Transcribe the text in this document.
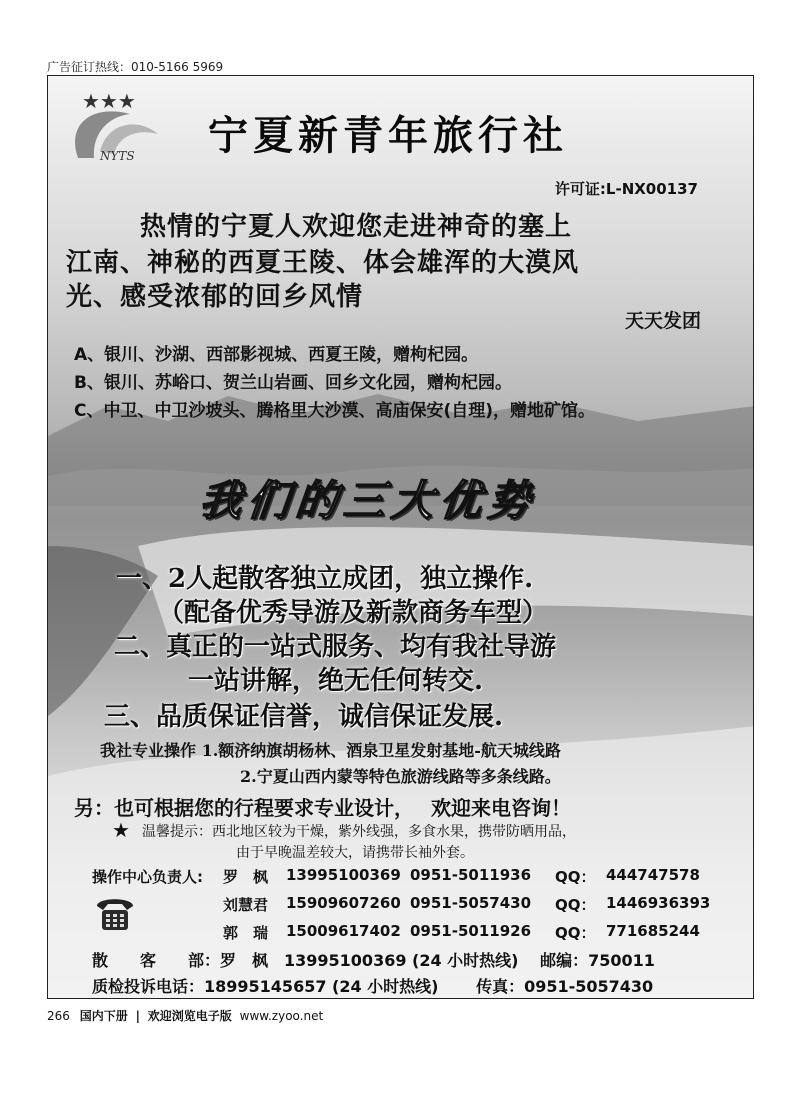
广告征订热线：010-5166 5969
★★★
NYTS 宁夏新青年旅行社
许可证:L-NX00137
热情的宁夏人欢迎您走进神奇的塞上
江南、神秘的西夏王陵、体会雄浑的大漠风
光、感受浓郁的回乡风情
天天发团
A、银川、沙湖、西部影视城、西夏王陵，赠枸杞园。
B、银川、苏峪口、贺兰山岩画、回乡文化园，赠枸杞园。
C、中卫、中卫沙坡头、腾格里大沙漠、高庙保安(自理)，赠地矿馆。
我们的三大优势
一、2人起散客独立成团，独立操作.
（配备优秀导游及新款商务车型）
二、真正的一站式服务、均有我社导游
一站讲解，绝无任何转交.
三、品质保证信誉，诚信保证发展.
我社专业操作 1.额济纳旗胡杨林、酒泉卫星发射基地-航天城线路
2.宁夏山西内蒙等特色旅游线路等多条线路。
另：也可根据您的行程要求专业设计，　 欢迎来电咨询！
★ 温馨提示：西北地区较为干燥，紫外线强，多食水果，携带防晒用品，
由于早晚温差较大，请携带长袖外套。
操作中心负责人: 罗　枫 13995100369 0951-5011936 QQ： 444747578
刘慧君 15909607260 0951-5057430 QQ： 1446936393
郭　瑞 15009617402 0951-5011926 QQ： 771685244
散　　客　　部：罗　枫　13995100369 (24 小时热线)　 邮编：750011
质检投诉电话：18995145657 (24 小时热线)　　 传真：0951-5057430
266 国内下册 | 欢迎浏览电子版 www.zyoo.net
